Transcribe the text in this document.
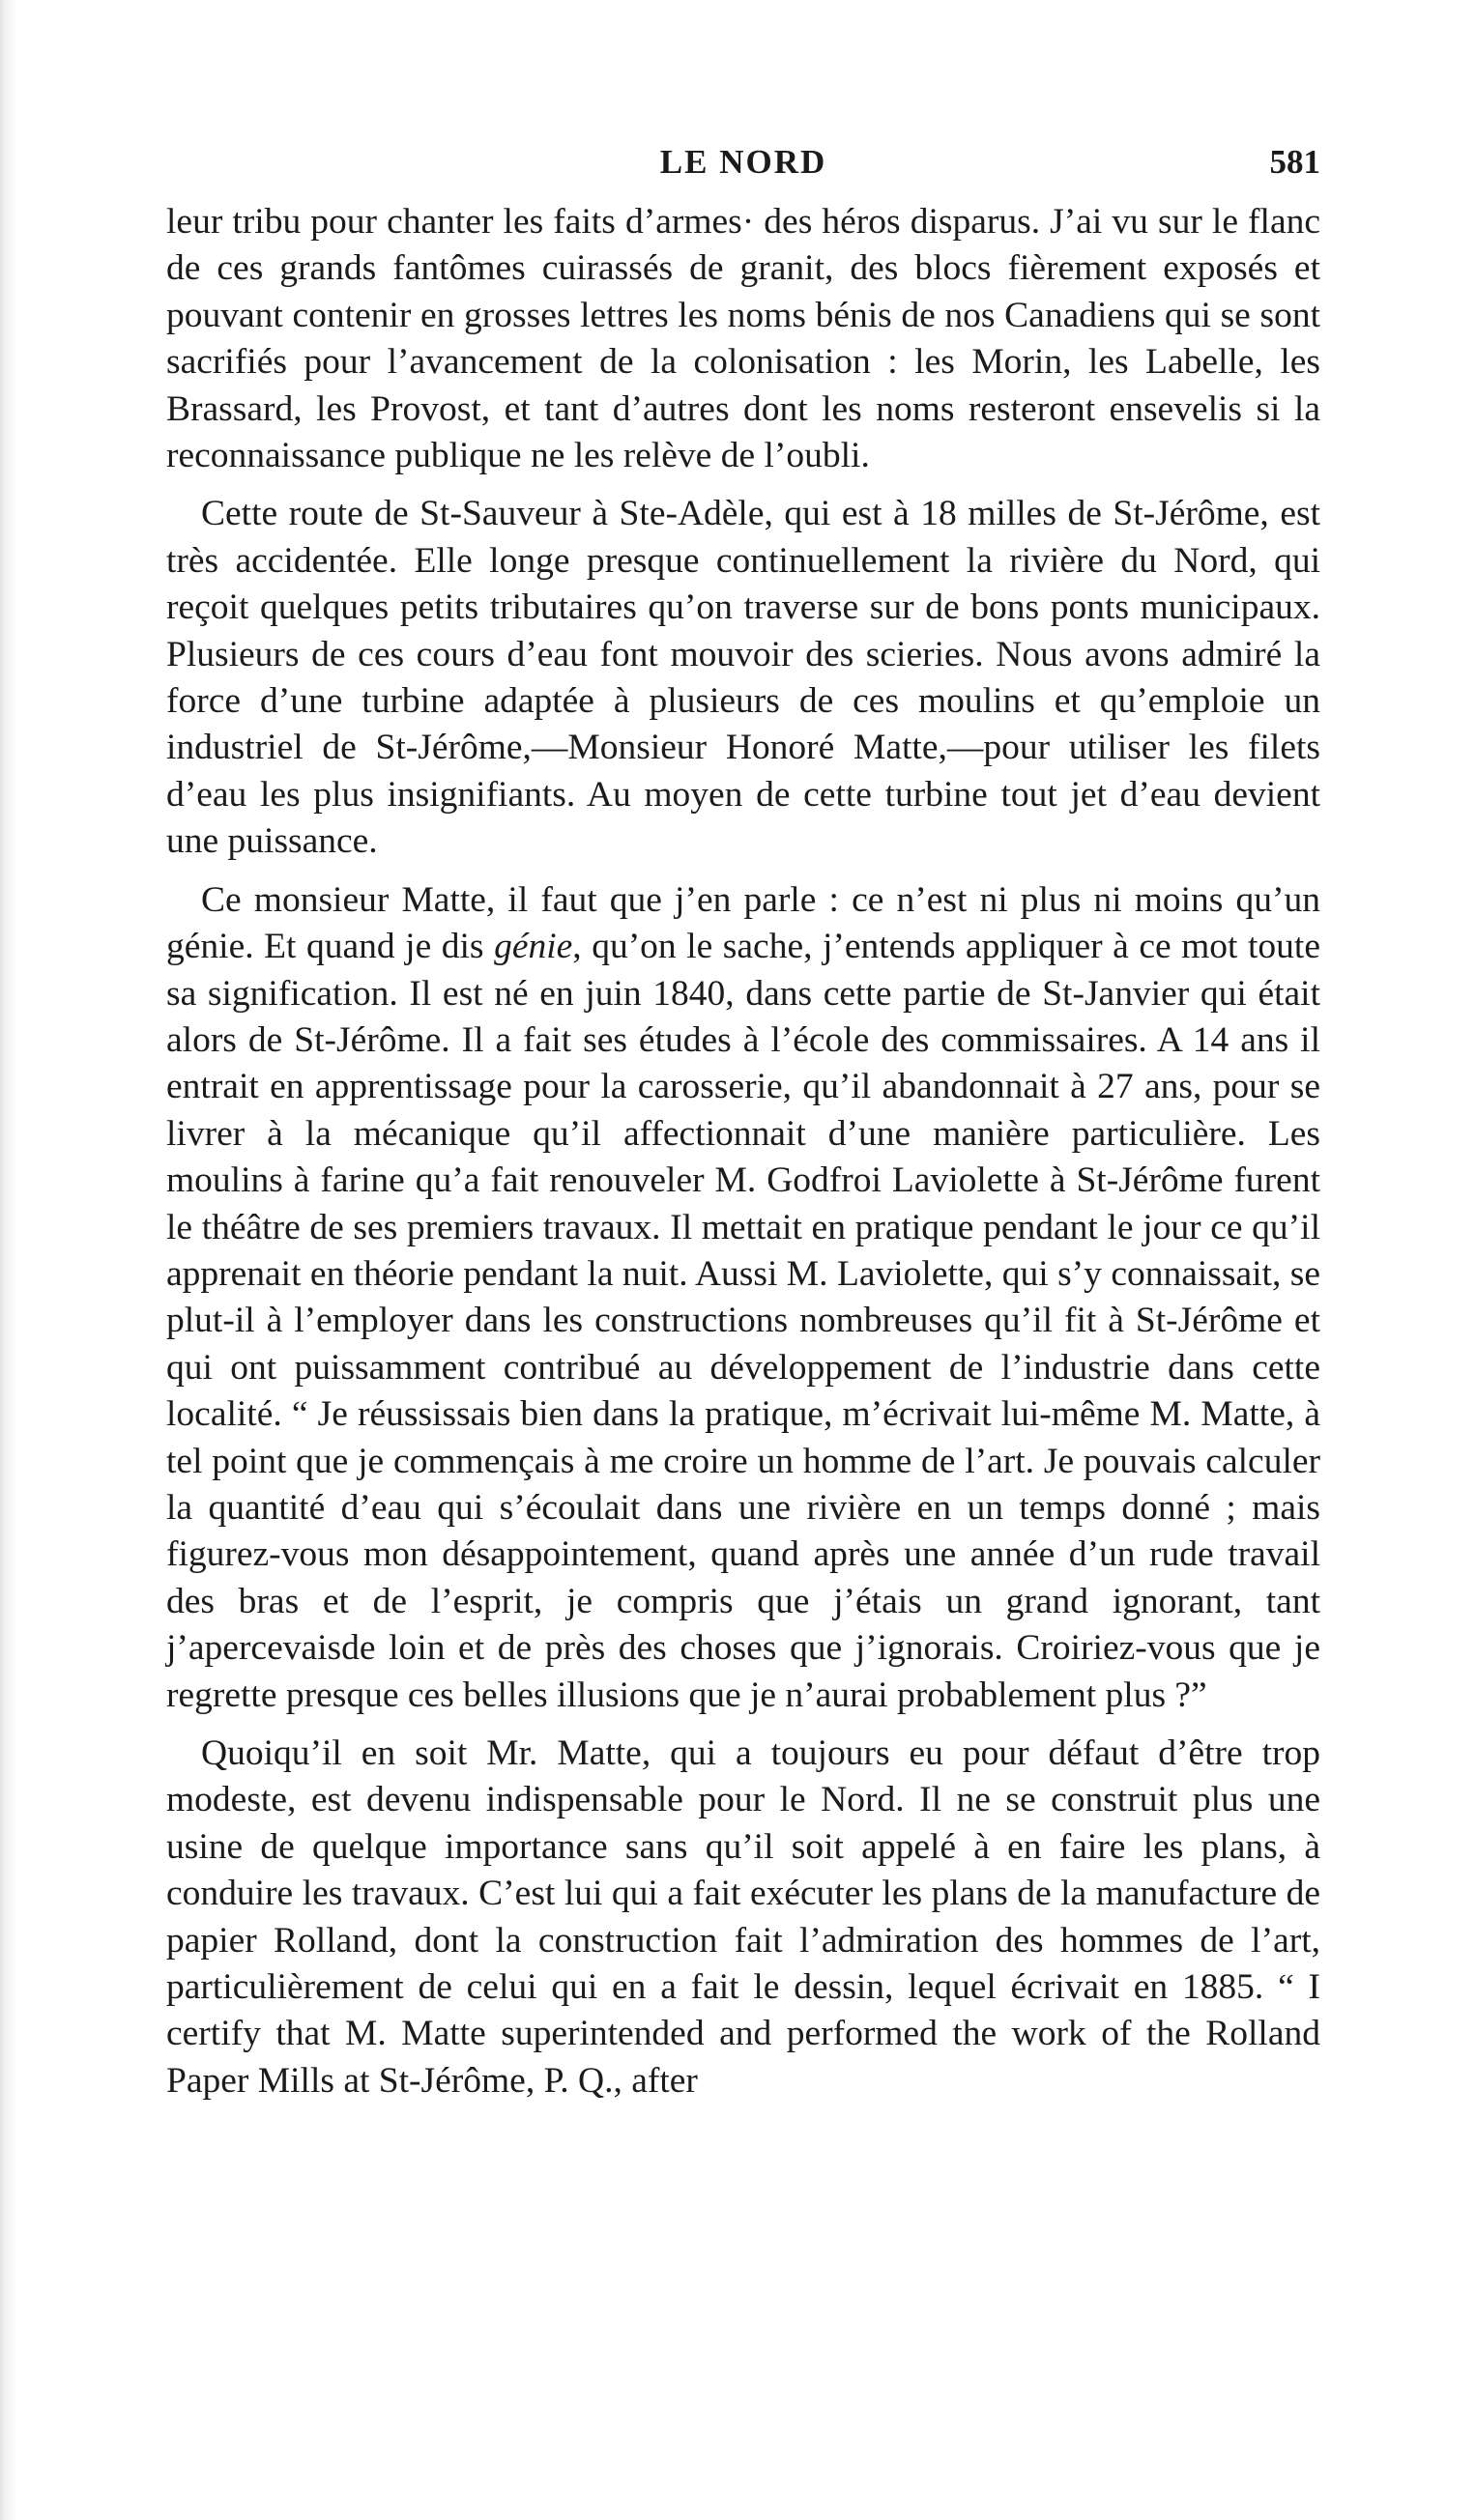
LE NORD	581

leur tribu pour chanter les faits d’armes· des héros disparus. J’ai vu sur le flanc de ces grands fantômes cuirassés de granit, des blocs fièrement exposés et pouvant contenir en grosses lettres les noms bénis de nos Canadiens qui se sont sacrifiés pour l’avancement de la colonisation : les Morin, les Labelle, les Brassard, les Provost, et tant d’autres dont les noms resteront ensevelis si la reconnaissance publique ne les relève de l’oubli.

Cette route de St-Sauveur à Ste-Adèle, qui est à 18 milles de St-Jérôme, est très accidentée. Elle longe presque continuellement la rivière du Nord, qui reçoit quelques petits tributaires qu’on traverse sur de bons ponts municipaux. Plusieurs de ces cours d’eau font mouvoir des scieries. Nous avons admiré la force d’une turbine adaptée à plusieurs de ces moulins et qu’emploie un industriel de St-Jérôme,—Monsieur Honoré Matte,—pour utiliser les filets d’eau les plus insignifiants. Au moyen de cette turbine tout jet d’eau devient une puissance.

Ce monsieur Matte, il faut que j’en parle : ce n’est ni plus ni moins qu’un génie. Et quand je dis génie, qu’on le sache, j’entends appliquer à ce mot toute sa signification. Il est né en juin 1840, dans cette partie de St-Janvier qui était alors de St-Jérôme. Il a fait ses études à l’école des commissaires. A 14 ans il entrait en apprentissage pour la carosserie, qu’il abandonnait à 27 ans, pour se livrer à la mécanique qu’il affectionnait d’une manière particulière. Les moulins à farine qu’a fait renouveler M. Godfroi Laviolette à St-Jérôme furent le théâtre de ses premiers travaux. Il mettait en pratique pendant le jour ce qu’il apprenait en théorie pendant la nuit. Aussi M. Laviolette, qui s’y connaissait, se plut-il à l’employer dans les constructions nombreuses qu’il fit à St-Jérôme et qui ont puissamment contribué au développement de l’industrie dans cette localité. “ Je réussissais bien dans la pratique, m’écrivait lui-même M. Matte, à tel point que je commençais à me croire un homme de l’art. Je pouvais calculer la quantité d’eau qui s’écoulait dans une rivière en un temps donné ; mais figurez-vous mon désappointement, quand après une année d’un rude travail des bras et de l’esprit, je compris que j’étais un grand ignorant, tant j’apercevaisde loin et de près des choses que j’ignorais. Croiriez-vous que je regrette presque ces belles illusions que je n’aurai probablement plus ?”

Quoiqu’il en soit Mr. Matte, qui a toujours eu pour défaut d’être trop modeste, est devenu indispensable pour le Nord. Il ne se construit plus une usine de quelque importance sans qu’il soit appelé à en faire les plans, à conduire les travaux. C’est lui qui a fait exécuter les plans de la manufacture de papier Rolland, dont la construction fait l’admiration des hommes de l’art, particulièrement de celui qui en a fait le dessin, lequel écrivait en 1885. “ I certify that M. Matte superintended and performed the work of the Rolland Paper Mills at St-Jérôme, P. Q., after
